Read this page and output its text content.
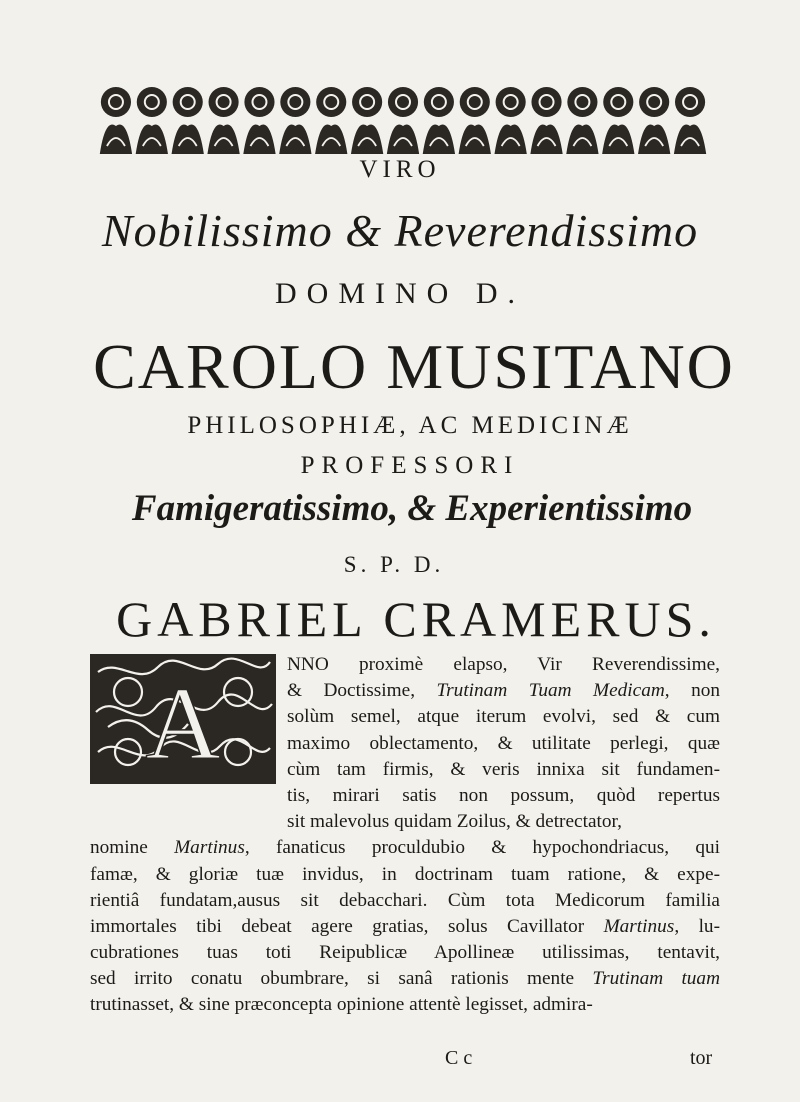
VIRO
Nobilissimo & Reverendissimo
DOMINO D.
CAROLO MUSITANO
PHILOSOPHIÆ, AC MEDICINÆ
PROFESSORI
Famigeratissimo, & Experientissimo
S. P. D.
GABRIEL CRAMERUS.
A
NNO proximè elapso, Vir Reverendissime,
& Doctissime, Trutinam Tuam Medicam, non
solùm semel, atque iterum evolvi, sed & cum
maximo oblectamento, & utilitate perlegi, quæ
cùm tam firmis, & veris innixa sit fundamen-
tis, mirari satis non possum, quòd repertus
sit malevolus quidam Zoilus, & detrectator,
nomine Martinus, fanaticus proculdubio & hypochondriacus, qui
famæ, & gloriæ tuæ invidus, in doctrinam tuam ratione, & expe-
rientiâ fundatam,ausus sit debacchari. Cùm tota Medicorum familia
immortales tibi debeat agere gratias, solus Cavillator Martinus, lu-
cubrationes tuas toti Reipublicæ Apollineæ utilissimas, tentavit,
sed irrito conatu obumbrare, si sanâ rationis mente Trutinam tuam
trutinasset, & sine præconcepta opinione attentè legisset, admira-
C c	tor
